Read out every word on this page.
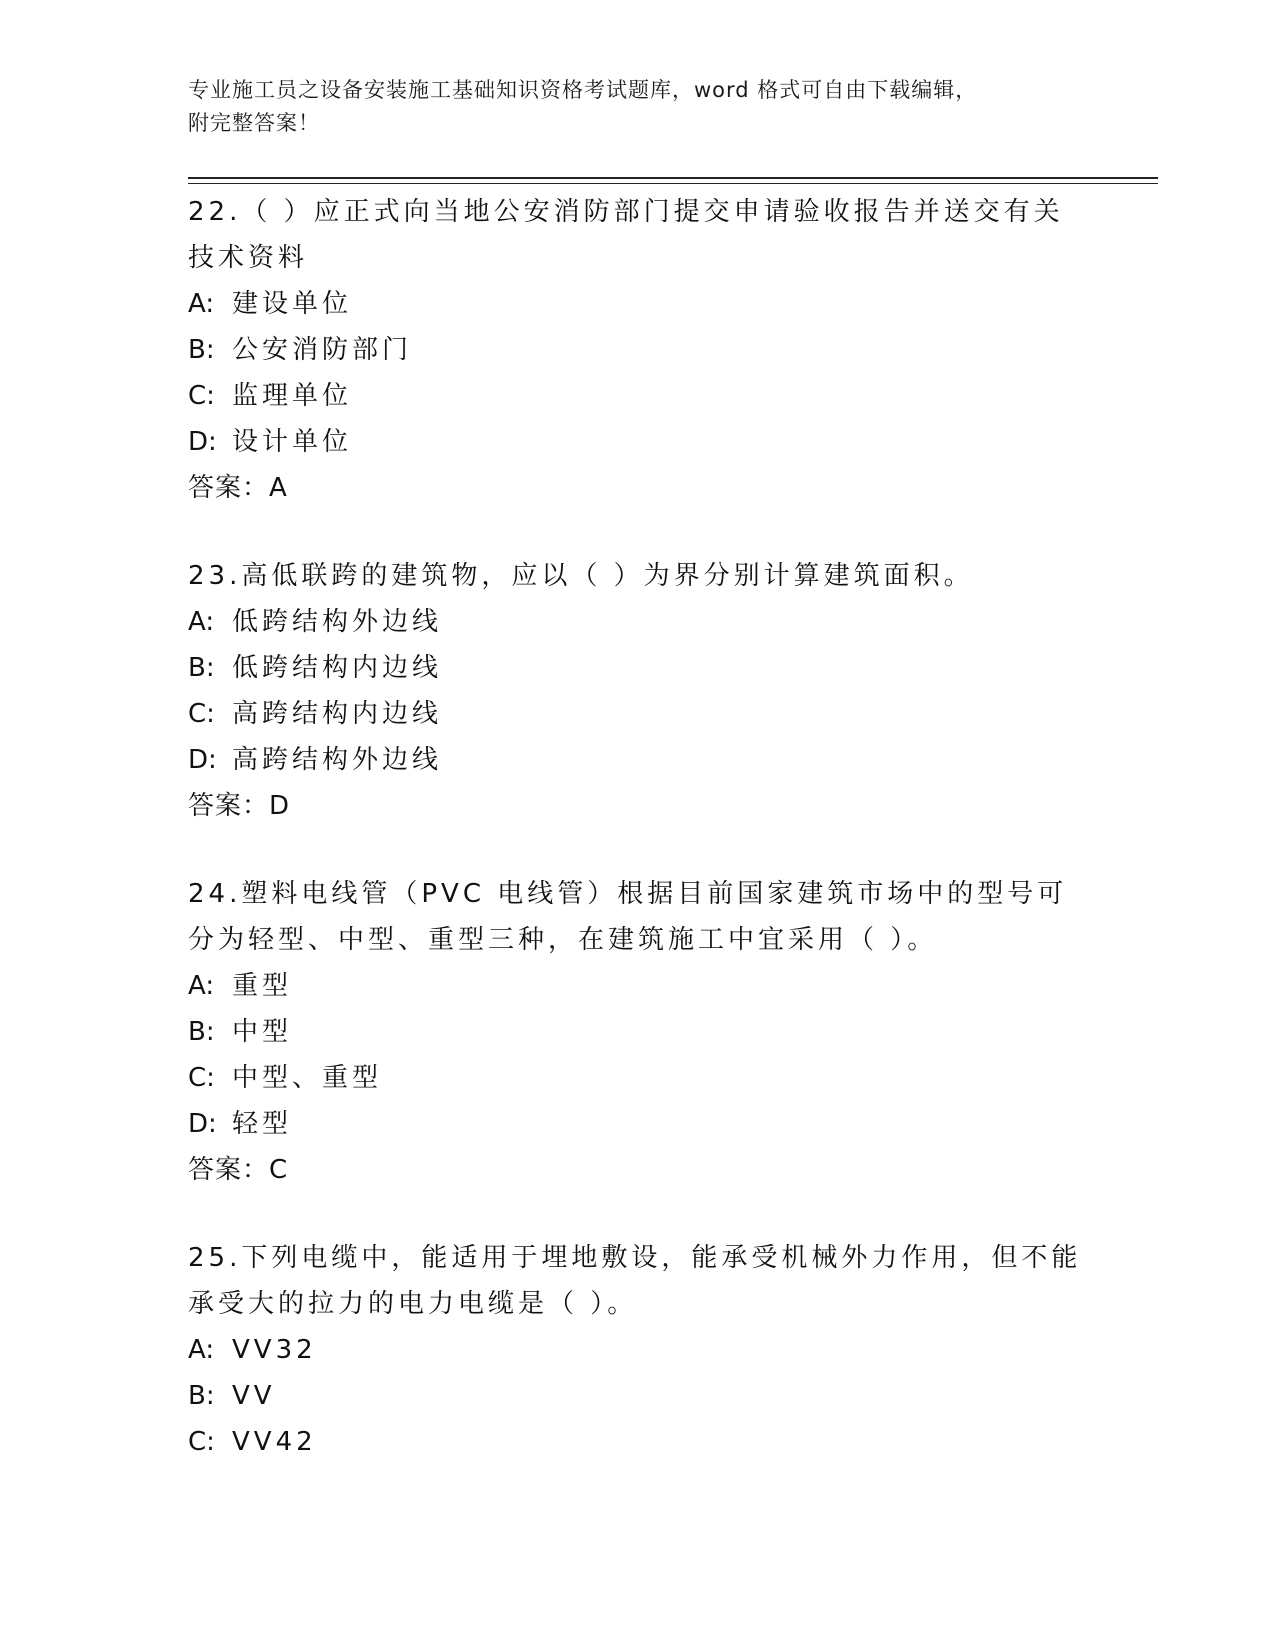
专业施工员之设备安装施工基础知识资格考试题库，word 格式可自由下载编辑，
附完整答案！

22.（ ）应正式向当地公安消防部门提交申请验收报告并送交有关技术资料

A: 建设单位

B: 公安消防部门

C: 监理单位

D: 设计单位

答案：A

23.高低联跨的建筑物，应以（ ）为界分别计算建筑面积。

A: 低跨结构外边线

B: 低跨结构内边线

C: 高跨结构内边线

D: 高跨结构外边线

答案：D

24.塑料电线管（PVC 电线管）根据目前国家建筑市场中的型号可分为轻型、中型、重型三种，在建筑施工中宜采用（ ）。

A: 重型

B: 中型

C: 中型、重型

D: 轻型

答案：C

25.下列电缆中，能适用于埋地敷设，能承受机械外力作用，但不能承受大的拉力的电力电缆是（ ）。

A: VV32

B: VV

C: VV42
